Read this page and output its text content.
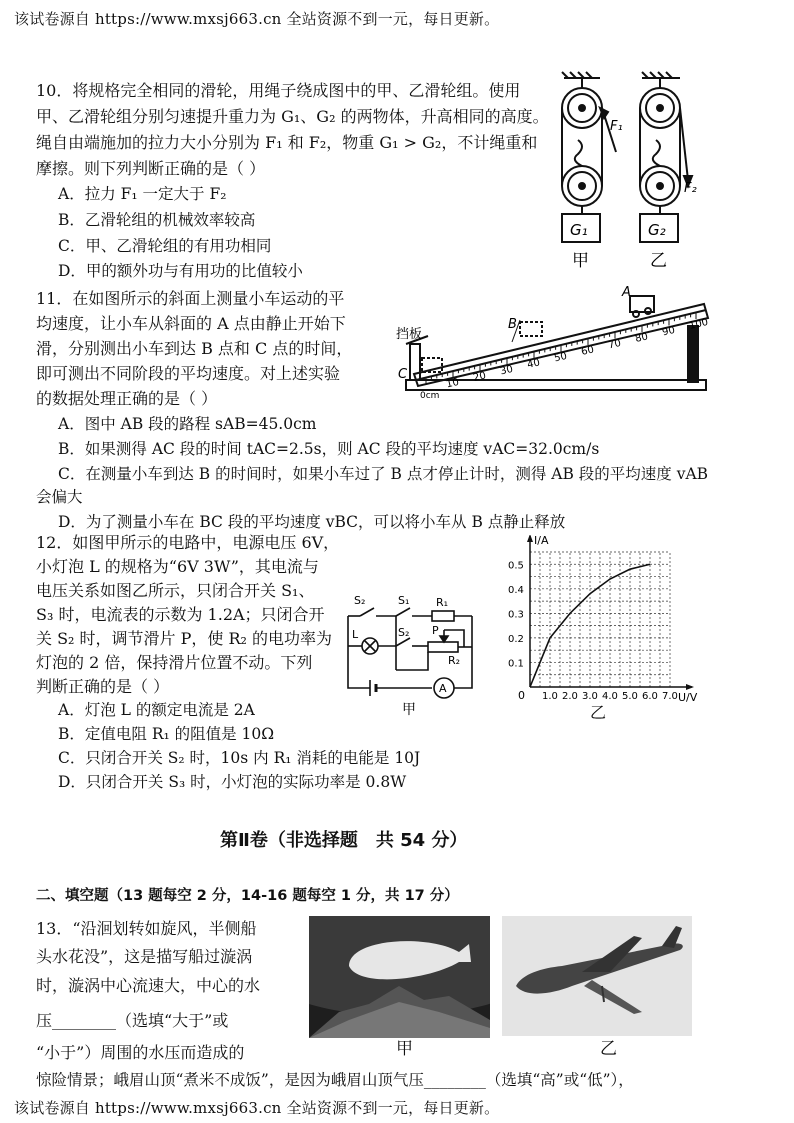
该试卷源自 https://www.mxsj663.cn 全站资源不到一元，每日更新。
10．将规格完全相同的滑轮，用绳子绕成图中的甲、乙滑轮组。使用
甲、乙滑轮组分别匀速提升重力为 G₁、G₂ 的两物体，升高相同的高度。
绳自由端施加的拉力大小分别为 F₁ 和 F₂，物重 G₁ > G₂，不计绳重和
摩擦。则下列判断正确的是（ ）
A．拉力 F₁ 一定大于 F₂
B．乙滑轮组的机械效率较高
C．甲、乙滑轮组的有用功相同
D．甲的额外功与有用功的比值较小
F₁
G₁
甲
F₂
G₂
乙
11．在如图所示的斜面上测量小车运动的平
均速度，让小车从斜面的 A 点由静止开始下
滑，分别测出小车到达 B 点和 C 点的时间，
即可测出不同阶段的平均速度。对上述实验
的数据处理正确的是（ ）
A．图中 AB 段的路程 sAB=45.0cm
B．如果测得 AC 段的时间 tAC=2.5s，则 AC 段的平均速度 vAC=32.0cm/s
C．在测量小车到达 B 的时间时，如果小车过了 B 点才停止计时，测得 AB 段的平均速度 vAB
会偏大
D．为了测量小车在 BC 段的平均速度 vBC，可以将小车从 B 点静止释放
挡板
C
B
A
0cm
10 20 30 40 50 60 70 80 90 100
12．如图甲所示的电路中，电源电压 6V，
小灯泡 L 的规格为“6V 3W”，其电流与
电压关系如图乙所示，只闭合开关 S₁、
S₃ 时，电流表的示数为 1.2A；只闭合开
关 S₂ 时，调节滑片 P，使 R₂ 的电功率为
灯泡的 2 倍，保持滑片位置不动。下列
判断正确的是（ ）
A．灯泡 L 的额定电流是 2A
B．定值电阻 R₁ 的阻值是 10Ω
C．只闭合开关 S₂ 时，10s 内 R₁ 消耗的电能是 10J
D．只闭合开关 S₃ 时，小灯泡的实际功率是 0.8W
S₂	S₁
S₂
R₁
R₂
P
L
A
甲
1.0 2.0 3.0 4.0 5.0 6.0 7.0
0.1
0.2
0.3
0.4
0.5
I/A
U/V
0
乙
第Ⅱ卷（非选择题　共 54 分）
二、填空题（13 题每空 2 分，14-16 题每空 1 分，共 17 分）
13．“沿洄划转如旋风，半侧船
头水花没”，这是描写船过漩涡
时，漩涡中心流速大，中心的水
压________（选填“大于”或
“小于”）周围的水压而造成的
惊险情景；峨眉山顶“煮米不成饭”，是因为峨眉山顶气压________（选填“高”或“低”），
甲	乙
该试卷源自 https://www.mxsj663.cn 全站资源不到一元，每日更新。
